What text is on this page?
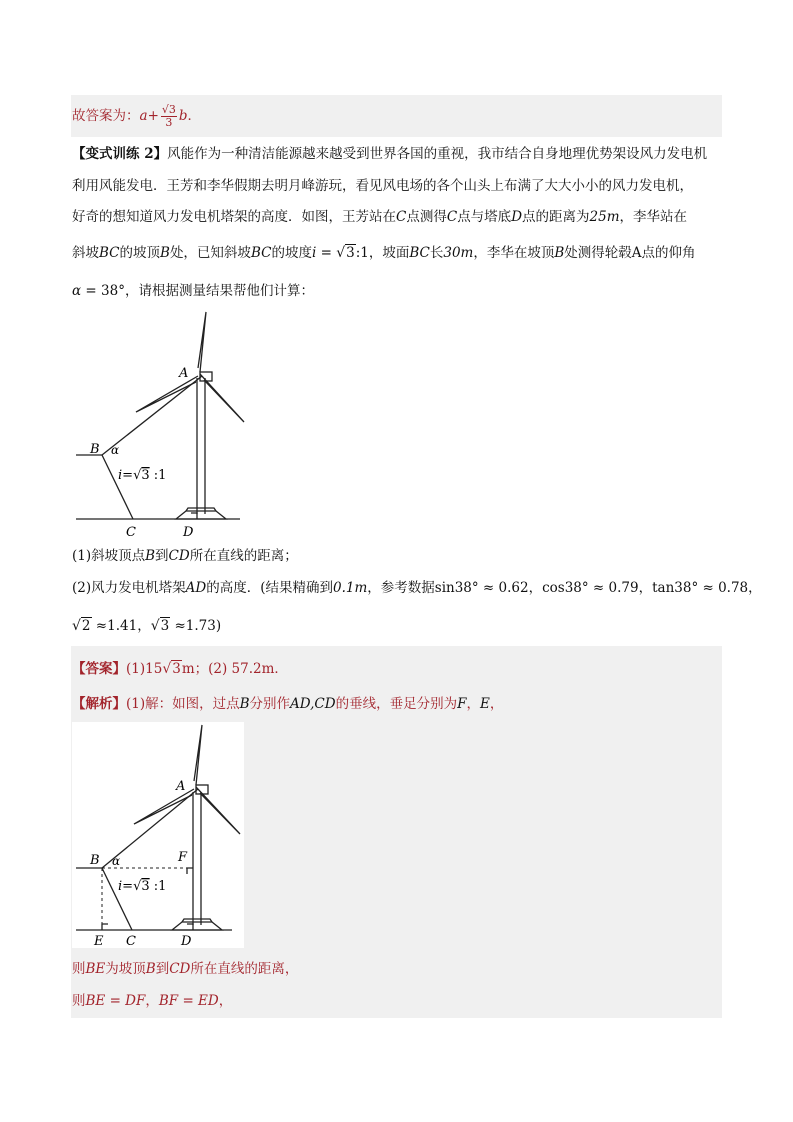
故答案为：$a+ \frac{√3}{3}$ b．
【变式训练 2】风能作为一种清洁能源越来越受到世界各国的重视，我市结合自身地理优势架设风力发电机
利用风能发电．王芳和李华假期去明月峰游玩，看见风电场的各个山头上布满了大大小小的风力发电机，
好奇的想知道风力发电机塔架的高度．如图，王芳站在C点测得C点与塔底D点的距离为25m，李华站在
斜坡BC的坡顶B处，已知斜坡BC的坡度i = √3:1，坡面BC长30m，李华在坡顶B处测得轮毂A点的仰角
α = 38°，请根据测量结果帮他们计算：
A
B α
C	D
i=√3 :1
(1)斜坡顶点B到CD所在直线的距离；
(2)风力发电机塔架AD的高度．(结果精确到0.1m，参考数据sin38° ≈ 0.62，cos38° ≈ 0.79，tan38° ≈ 0.78，
√2 ≈1.41，√3 ≈1.73)
【答案】(1)15√3m；(2) 57.2m．
【解析】(1)解：如图，过点B分别作AD,CD的垂线，垂足分别为F，E，
A
B α	F
E C	D
i=√3 :1
则BE为坡顶B到CD所在直线的距离，
则BE = DF，BF = ED，
